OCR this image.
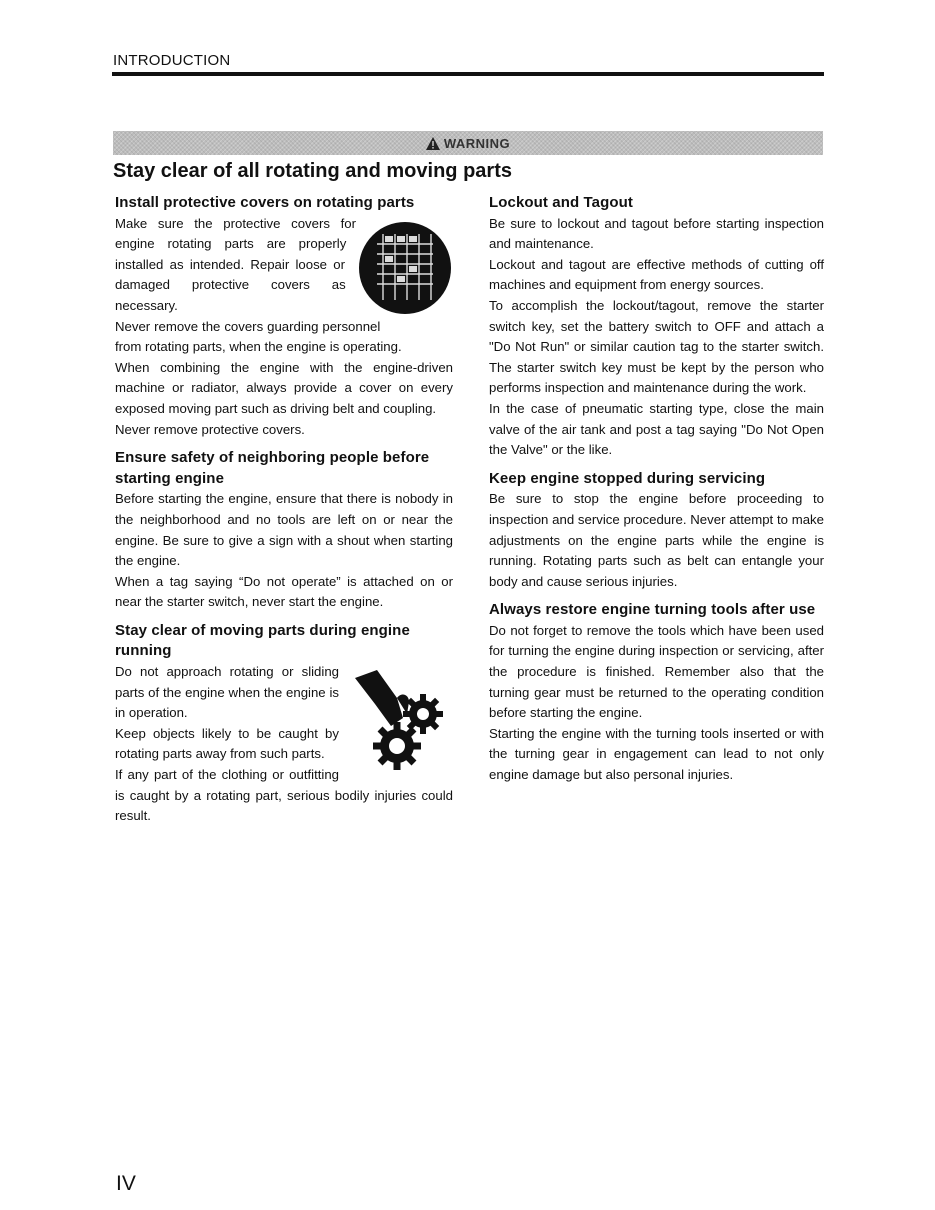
INTRODUCTION
WARNING
Stay clear of all rotating and moving parts
Install protective covers on rotating parts

Make sure the protective covers for engine rotating parts are properly installed as intended. Repair loose or damaged protective covers as necessary.

Never remove the covers guarding personnel from rotating parts, when the engine is operating.

When combining the engine with the engine-driven machine or radiator, always provide a cover on every exposed moving part such as driving belt and coupling.

Never remove protective covers.

Ensure safety of neighboring people before starting engine

Before starting the engine, ensure that there is nobody in the neighborhood and no tools are left on or near the engine. Be sure to give a sign with a shout when starting the engine.

When a tag saying “Do not operate” is attached on or near the starter switch, never start the engine.

Stay clear of moving parts during engine running

Do not approach rotating or sliding parts of the engine when the engine is in operation.

Keep objects likely to be caught by rotating parts away from such parts.

If any part of the clothing or outfitting is caught by a rotating part, serious bodily injuries could result.

Lockout and Tagout

Be sure to lockout and tagout before starting inspection and maintenance.

Lockout and tagout are effective methods of cutting off machines and equipment from energy sources.

To accomplish the lockout/tagout, remove the starter switch key, set the battery switch to OFF and attach a "Do Not Run" or similar caution tag to the starter switch. The starter switch key must be kept by the person who performs inspection and maintenance during the work.

In the case of pneumatic starting type, close the main valve of the air tank and post a tag saying "Do Not Open the Valve" or the like.

Keep engine stopped during servicing

Be sure to stop the engine before proceeding to inspection and service procedure. Never attempt to make adjustments on the engine parts while the engine is running. Rotating parts such as belt can entangle your body and cause serious injuries.

Always restore engine turning tools after use

Do not forget to remove the tools which have been used for turning the engine during inspection or servicing, after the procedure is finished. Remember also that the turning gear must be returned to the operating condition before starting the engine.

Starting the engine with the turning tools inserted or with the turning gear in engagement can lead to not only engine damage but also personal injuries.

IV
